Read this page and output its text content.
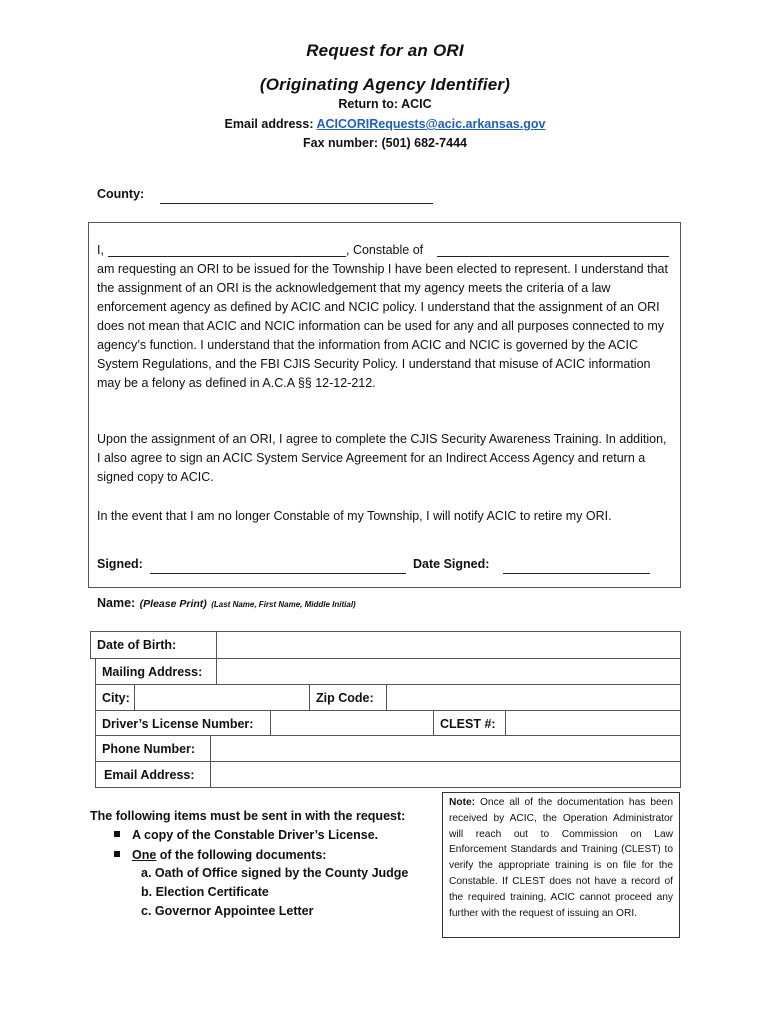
Request for an ORI
(Originating Agency Identifier)
Return to: ACIC
Email address: ACICORIRequests@acic.arkansas.gov
Fax number: (501) 682-7444
County:
I,	, Constable of
am requesting an ORI to be issued for the Township I have been elected to represent. I understand that the assignment of an ORI is the acknowledgement that my agency meets the criteria of a law enforcement agency as defined by ACIC and NCIC policy. I understand that the assignment of an ORI does not mean that ACIC and NCIC information can be used for any and all purposes connected to my agency’s function. I understand that the information from ACIC and NCIC is governed by the ACIC System Regulations, and the FBI CJIS Security Policy. I understand that misuse of ACIC information may be a felony as defined in A.C.A §§ 12-12-212.
Upon the assignment of an ORI, I agree to complete the CJIS Security Awareness Training. In addition, I also agree to sign an ACIC System Service Agreement for an Indirect Access Agency and return a signed copy to ACIC.
In the event that I am no longer Constable of my Township, I will notify ACIC to retire my ORI.
Signed:	Date Signed:
Name: (Please Print) (Last Name, First Name, Middle Initial)
Date of Birth:
Mailing Address:
City:	Zip Code:
Driver’s License Number:	CLEST #:
Phone Number:
Email Address:
The following items must be sent in with the request:
A copy of the Constable Driver’s License.
One of the following documents:
a. Oath of Office signed by the County Judge
b. Election Certificate
c. Governor Appointee Letter
Note: Once all of the documentation has been received by ACIC, the Operation Administrator will reach out to Commission on Law Enforcement Standards and Training (CLEST) to verify the appropriate training is on file for the Constable. If CLEST does not have a record of the required training, ACIC cannot proceed any further with the request of issuing an ORI.
